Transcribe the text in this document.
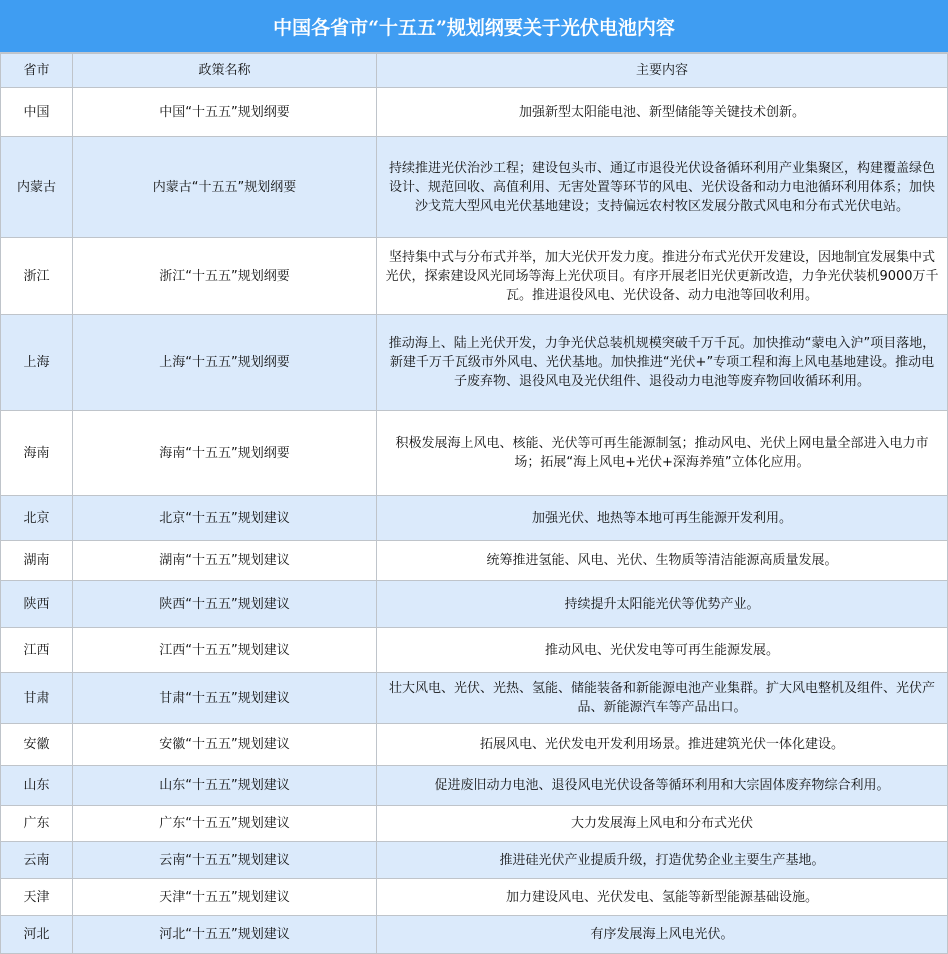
中国各省市“十五五”规划纲要关于光伏电池内容
省市	政策名称	主要内容
中国	中国“十五五”规划纲要	加强新型太阳能电池、新型储能等关键技术创新。
内蒙古	内蒙古“十五五”规划纲要	持续推进光伏治沙工程；建设包头市、通辽市退役光伏设备循环利用产业集聚区，构建覆盖绿色设计、规范回收、高值利用、无害处置等环节的风电、光伏设备和动力电池循环利用体系；加快沙戈荒大型风电光伏基地建设；支持偏远农村牧区发展分散式风电和分布式光伏电站。
浙江	浙江“十五五”规划纲要	坚持集中式与分布式并举，加大光伏开发力度。推进分布式光伏开发建设，因地制宜发展集中式光伏，探索建设风光同场等海上光伏项目。有序开展老旧光伏更新改造，力争光伏装机9000万千瓦。推进退役风电、光伏设备、动力电池等回收利用。
上海	上海“十五五”规划纲要	推动海上、陆上光伏开发，力争光伏总装机规模突破千万千瓦。加快推动“蒙电入沪”项目落地，新建千万千瓦级市外风电、光伏基地。加快推进“光伏+”专项工程和海上风电基地建设。推动电子废弃物、退役风电及光伏组件、退役动力电池等废弃物回收循环利用。
海南	海南“十五五”规划纲要	积极发展海上风电、核能、光伏等可再生能源制氢；推动风电、光伏上网电量全部进入电力市场；拓展“海上风电+光伏+深海养殖”立体化应用。
北京	北京“十五五”规划建议	加强光伏、地热等本地可再生能源开发利用。
湖南	湖南“十五五”规划建议	统筹推进氢能、风电、光伏、生物质等清洁能源高质量发展。
陕西	陕西“十五五”规划建议	持续提升太阳能光伏等优势产业。
江西	江西“十五五”规划建议	推动风电、光伏发电等可再生能源发展。
甘肃	甘肃“十五五”规划建议	壮大风电、光伏、光热、氢能、储能装备和新能源电池产业集群。扩大风电整机及组件、光伏产品、新能源汽车等产品出口。
安徽	安徽“十五五”规划建议	拓展风电、光伏发电开发利用场景。推进建筑光伏一体化建设。
山东	山东“十五五”规划建议	促进废旧动力电池、退役风电光伏设备等循环利用和大宗固体废弃物综合利用。
广东	广东“十五五”规划建议	大力发展海上风电和分布式光伏
云南	云南“十五五”规划建议	推进硅光伏产业提质升级，打造优势企业主要生产基地。
天津	天津“十五五”规划建议	加力建设风电、光伏发电、氢能等新型能源基础设施。
河北	河北“十五五”规划建议	有序发展海上风电光伏。
